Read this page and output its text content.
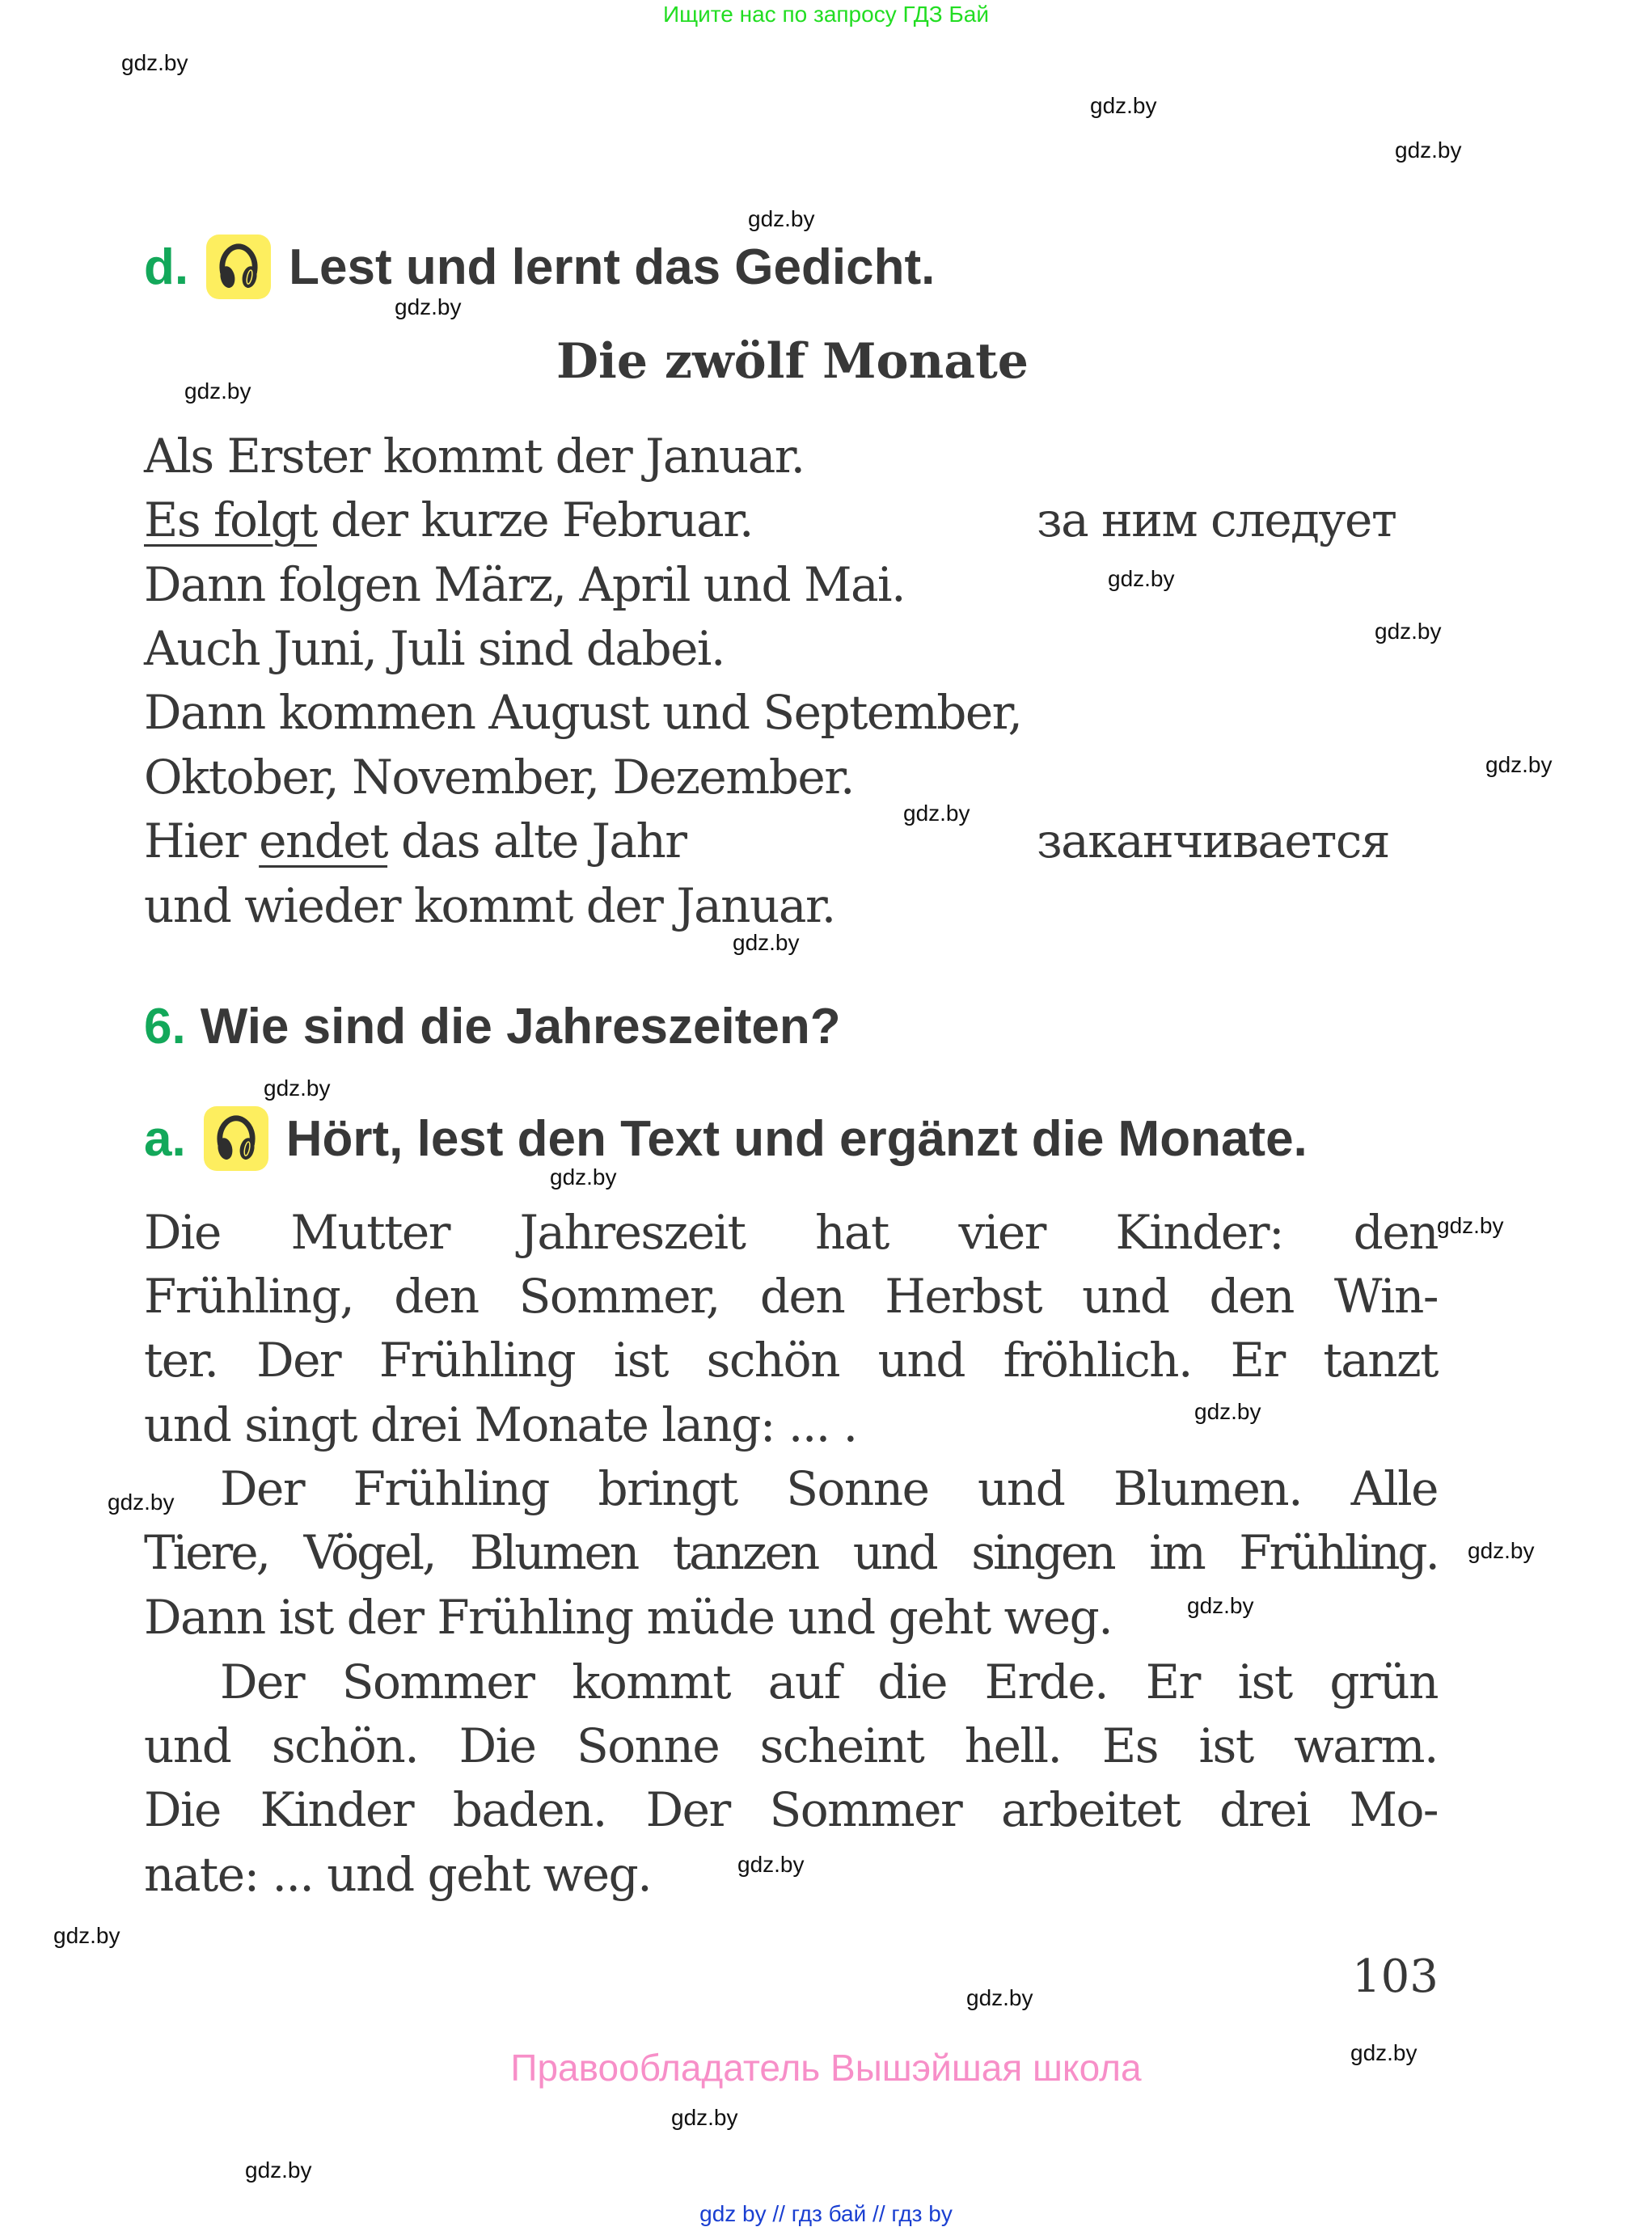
Ищите нас по запросу ГДЗ Бай
d. Lest und lernt das Gedicht.
Die zwölf Monate
Als Erster kommt der Januar.
Es folgt der kurze Februar.	за ним следует
Dann folgen März, April und Mai.
Auch Juni, Juli sind dabei.
Dann kommen August und September,
Oktober, November, Dezember.
Hier endet das alte Jahr	заканчивается
und wieder kommt der Januar.
6. Wie sind die Jahreszeiten?
a. Hört, lest den Text und ergänzt die Monate.
Die Mutter Jahreszeit hat vier Kinder: den
Frühling, den Sommer, den Herbst und den Win-
ter. Der Frühling ist schön und fröhlich. Er tanzt
und singt drei Monate lang: ... .
Der Frühling bringt Sonne und Blumen. Alle
Tiere, Vögel, Blumen tanzen und singen im Frühling.
Dann ist der Frühling müde und geht weg.
Der Sommer kommt auf die Erde. Er ist grün
und schön. Die Sonne scheint hell. Es ist warm.
Die Kinder baden. Der Sommer arbeitet drei Mo-
nate: ... und geht weg.
103
Правообладатель Вышэйшая школа
gdz by // гдз бай // гдз by
gdz.by
gdz.by
gdz.by
gdz.by
gdz.by
gdz.by
gdz.by
gdz.by
gdz.by
gdz.by
gdz.by
gdz.by
gdz.by
gdz.by
gdz.by
gdz.by
gdz.by
gdz.by
gdz.by
gdz.by
gdz.by
gdz.by
gdz.by
gdz.by
